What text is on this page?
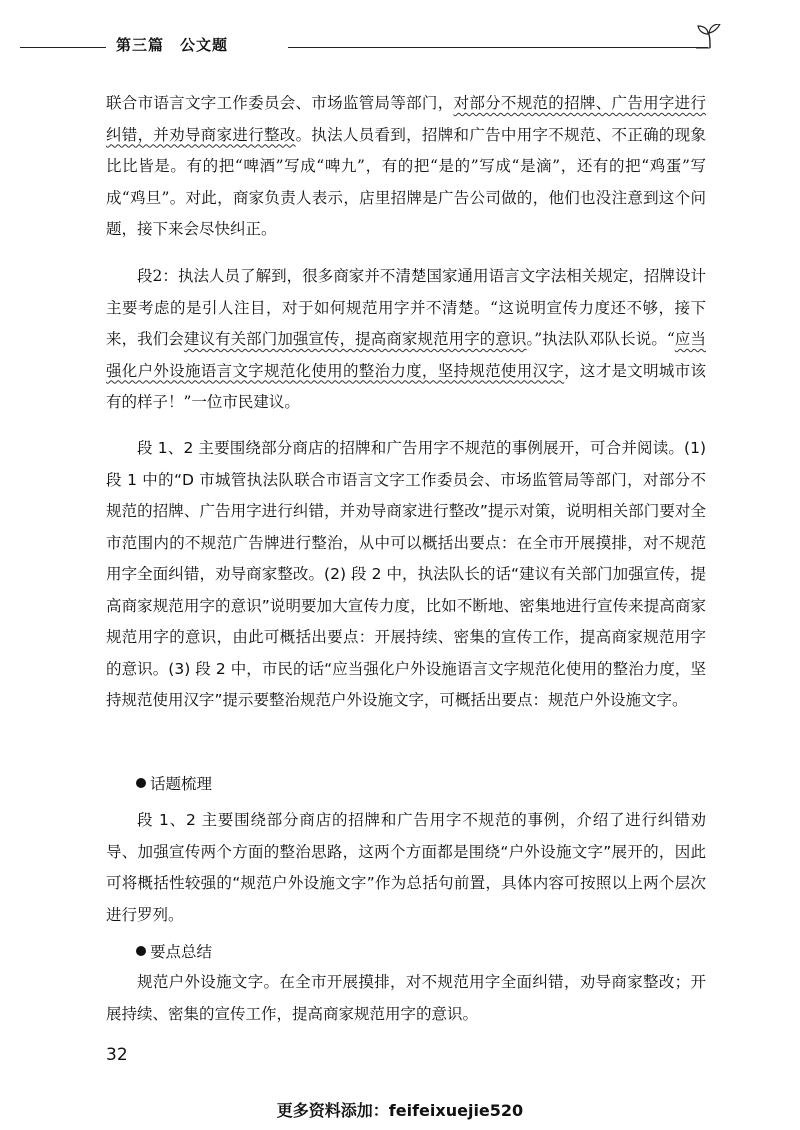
第三篇　公文题
联合市语言文字工作委员会、市场监管局等部门，对部分不规范的招牌、广告用字进行纠错，并劝导商家进行整改。执法人员看到，招牌和广告中用字不规范、不正确的现象比比皆是。有的把“啤酒”写成“啤九”，有的把“是的”写成“是滴”，还有的把“鸡蛋”写成“鸡旦”。对此，商家负责人表示，店里招牌是广告公司做的，他们也没注意到这个问题，接下来会尽快纠正。
段2：执法人员了解到，很多商家并不清楚国家通用语言文字法相关规定，招牌设计主要考虑的是引人注目，对于如何规范用字并不清楚。“这说明宣传力度还不够，接下来，我们会建议有关部门加强宣传，提高商家规范用字的意识。”执法队邓队长说。“应当强化户外设施语言文字规范化使用的整治力度，坚持规范使用汉字，这才是文明城市该有的样子！”一位市民建议。
段 1、2 主要围绕部分商店的招牌和广告用字不规范的事例展开，可合并阅读。(1) 段 1 中的“D 市城管执法队联合市语言文字工作委员会、市场监管局等部门，对部分不规范的招牌、广告用字进行纠错，并劝导商家进行整改”提示对策，说明相关部门要对全市范围内的不规范广告牌进行整治，从中可以概括出要点：在全市开展摸排，对不规范用字全面纠错，劝导商家整改。(2) 段 2 中，执法队长的话“建议有关部门加强宣传，提高商家规范用字的意识”说明要加大宣传力度，比如不断地、密集地进行宣传来提高商家规范用字的意识，由此可概括出要点：开展持续、密集的宣传工作，提高商家规范用字的意识。(3) 段 2 中，市民的话“应当强化户外设施语言文字规范化使用的整治力度，坚持规范使用汉字”提示要整治规范户外设施文字，可概括出要点：规范户外设施文字。
话题梳理
段 1、2 主要围绕部分商店的招牌和广告用字不规范的事例，介绍了进行纠错劝导、加强宣传两个方面的整治思路，这两个方面都是围绕“户外设施文字”展开的，因此可将概括性较强的“规范户外设施文字”作为总括句前置，具体内容可按照以上两个层次进行罗列。
要点总结
规范户外设施文字。在全市开展摸排，对不规范用字全面纠错，劝导商家整改；开展持续、密集的宣传工作，提高商家规范用字的意识。
32
更多资料添加：feifeixuejie520
